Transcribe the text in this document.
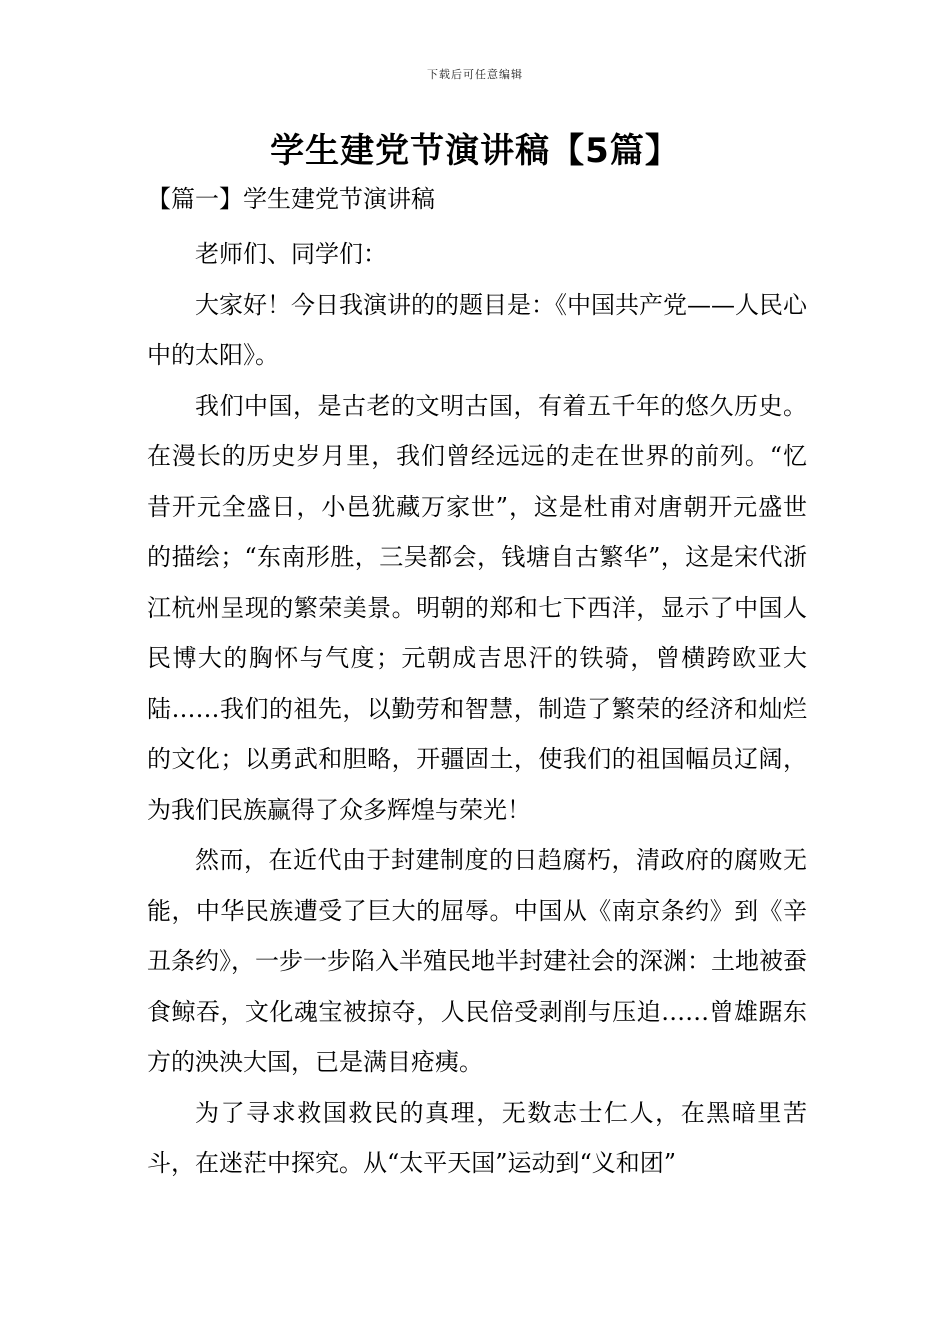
下载后可任意编辑
学生建党节演讲稿【5篇】
【篇一】学生建党节演讲稿

老师们、同学们：

大家好！今日我演讲的的题目是：《中国共产党——人民心中的太阳》。

我们中国，是古老的文明古国，有着五千年的悠久历史。在漫长的历史岁月里，我们曾经远远的走在世界的前列。“忆昔开元全盛日，小邑犹藏万家世”，这是杜甫对唐朝开元盛世的描绘；“东南形胜，三吴都会，钱塘自古繁华”，这是宋代浙江杭州呈现的繁荣美景。明朝的郑和七下西洋，显示了中国人民博大的胸怀与气度；元朝成吉思汗的铁骑，曾横跨欧亚大陆……我们的祖先，以勤劳和智慧，制造了繁荣的经济和灿烂的文化；以勇武和胆略，开疆固土，使我们的祖国幅员辽阔，为我们民族赢得了众多辉煌与荣光！

然而，在近代由于封建制度的日趋腐朽，清政府的腐败无能，中华民族遭受了巨大的屈辱。中国从《南京条约》到《辛丑条约》，一步一步陷入半殖民地半封建社会的深渊：土地被蚕食鲸吞，文化魂宝被掠夺，人民倍受剥削与压迫……曾雄踞东方的泱泱大国，已是满目疮痍。

为了寻求救国救民的真理，无数志士仁人，在黑暗里苦斗，在迷茫中探究。从“太平天国”运动到“义和团”
